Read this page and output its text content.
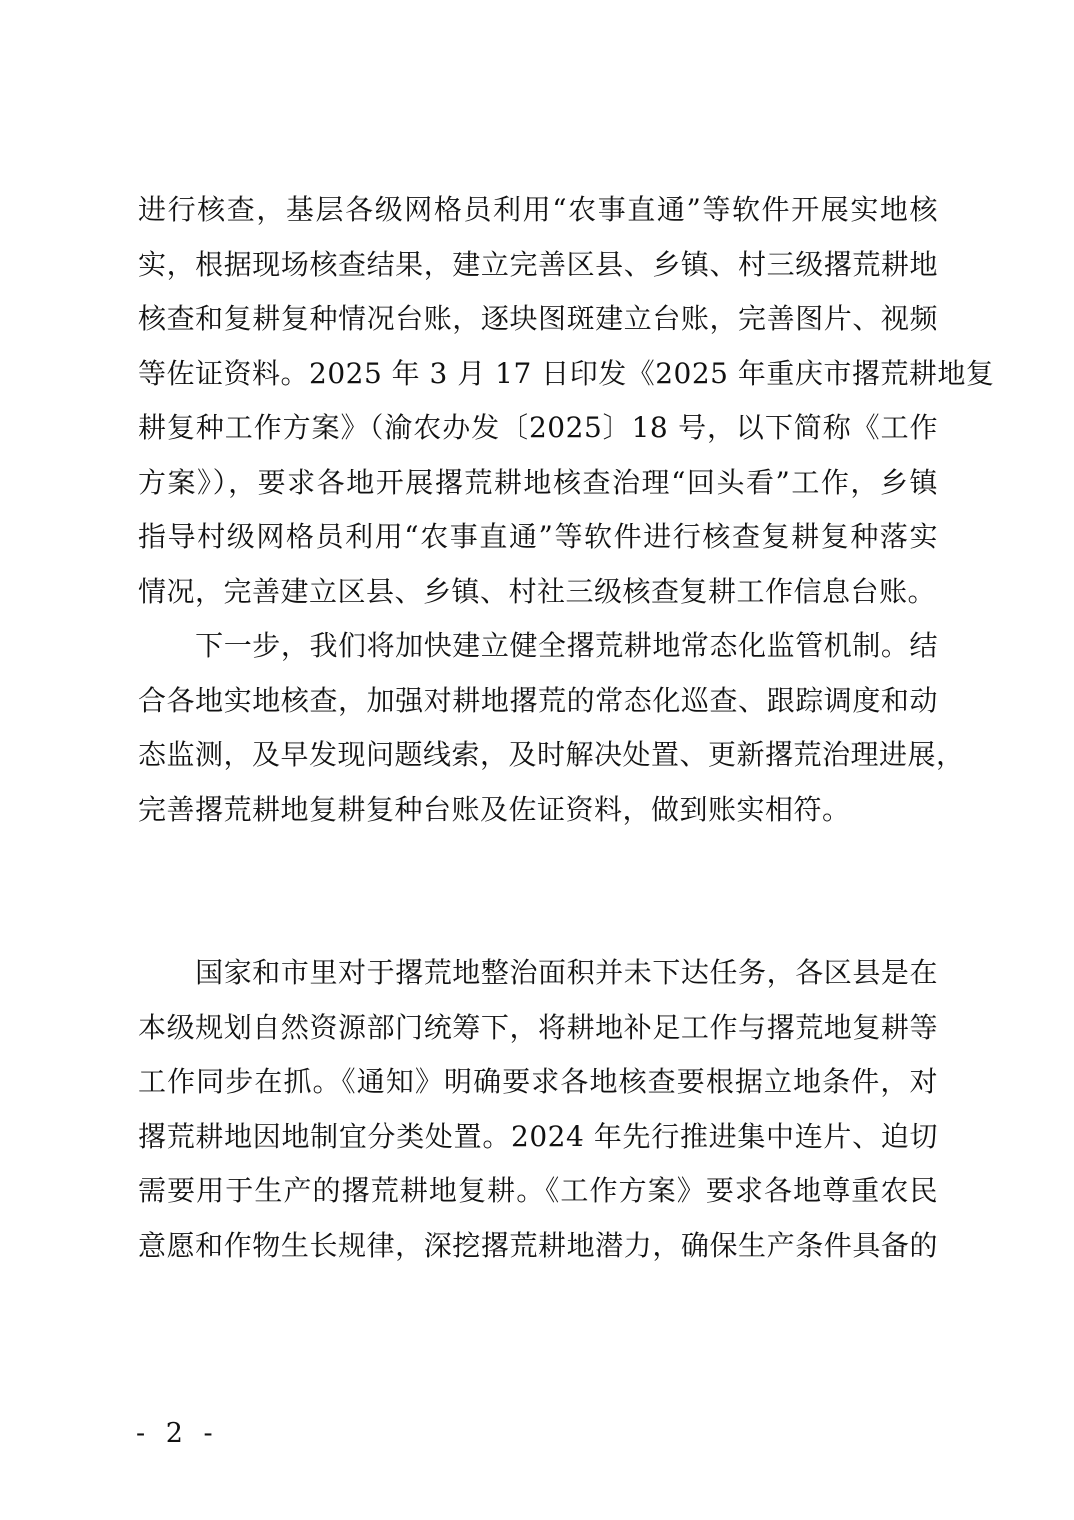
进行核查，基层各级网格员利用“农事直通”等软件开展实地核
实，根据现场核查结果，建立完善区县、乡镇、村三级撂荒耕地
核查和复耕复种情况台账，逐块图斑建立台账，完善图片、视频
等佐证资料。2025 年 3 月 17 日印发《2025 年重庆市撂荒耕地复
耕复种工作方案》（渝农办发〔2025〕18 号，以下简称《工作
方案》），要求各地开展撂荒耕地核查治理“回头看”工作，乡镇
指导村级网格员利用“农事直通”等软件进行核查复耕复种落实
情况，完善建立区县、乡镇、村社三级核查复耕工作信息台账。
　　下一步，我们将加快建立健全撂荒耕地常态化监管机制。结
合各地实地核查，加强对耕地撂荒的常态化巡查、跟踪调度和动
态监测，及早发现问题线索，及时解决处置、更新撂荒治理进展，
完善撂荒耕地复耕复种台账及佐证资料，做到账实相符。
　　国家和市里对于撂荒地整治面积并未下达任务，各区县是在
本级规划自然资源部门统筹下，将耕地补足工作与撂荒地复耕等
工作同步在抓。《通知》明确要求各地核查要根据立地条件，对
撂荒耕地因地制宜分类处置。2024 年先行推进集中连片、迫切
需要用于生产的撂荒耕地复耕。《工作方案》要求各地尊重农民
意愿和作物生长规律，深挖撂荒耕地潜力，确保生产条件具备的
- 2 -
